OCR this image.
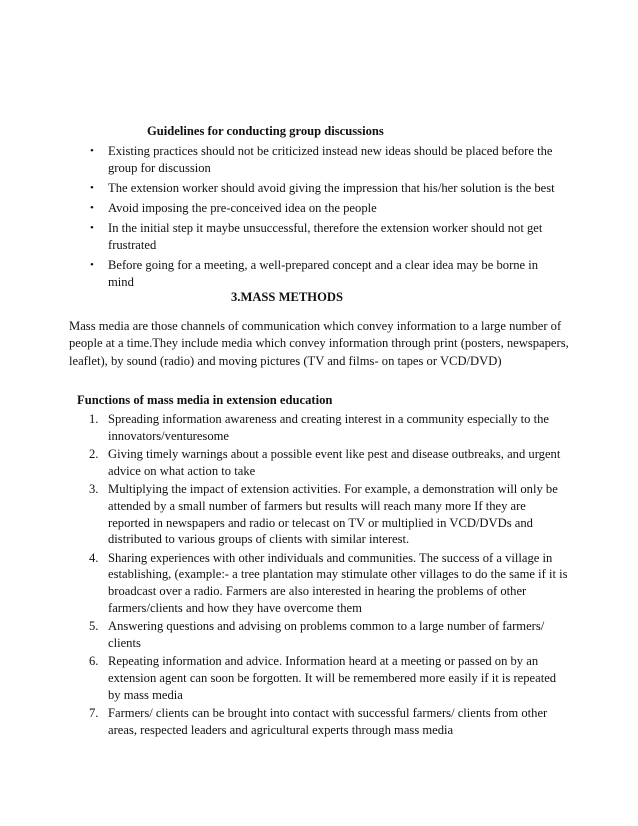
Guidelines for conducting group discussions
• Existing practices should not be criticized instead new ideas should be placed before the group for discussion
• The extension worker should avoid giving the impression that his/her solution is the best
• Avoid imposing the pre-conceived idea on the people
• In the initial step it maybe unsuccessful, therefore the extension worker should not get frustrated
• Before going for a meeting, a well-prepared concept and a clear idea may be borne in mind
3.MASS METHODS

Mass media are those channels of communication which convey information to a large number of people at a time.They include media which convey information through print (posters, newspapers, leaflet), by sound (radio) and moving pictures (TV and films- on tapes or VCD/DVD)

Functions of mass media in extension education
1. Spreading information awareness and creating interest in a community especially to the innovators/venturesome
2. Giving timely warnings about a possible event like pest and disease outbreaks, and urgent advice on what action to take
3. Multiplying the impact of extension activities. For example, a demonstration will only be attended by a small number of farmers but results will reach many more If they are reported in newspapers and radio or telecast on TV or multiplied in VCD/DVDs and distributed to various groups of clients with similar interest.
4. Sharing experiences with other individuals and communities. The success of a village in establishing, (example:- a tree plantation may stimulate other villages to do the same if it is broadcast over a radio. Farmers are also interested in hearing the problems of other farmers/clients and how they have overcome them
5. Answering questions and advising on problems common to a large number of farmers/ clients
6. Repeating information and advice. Information heard at a meeting or passed on by an extension agent can soon be forgotten. It will be remembered more easily if it is repeated by mass media
7. Farmers/ clients can be brought into contact with successful farmers/ clients from other areas, respected leaders and agricultural experts through mass media
